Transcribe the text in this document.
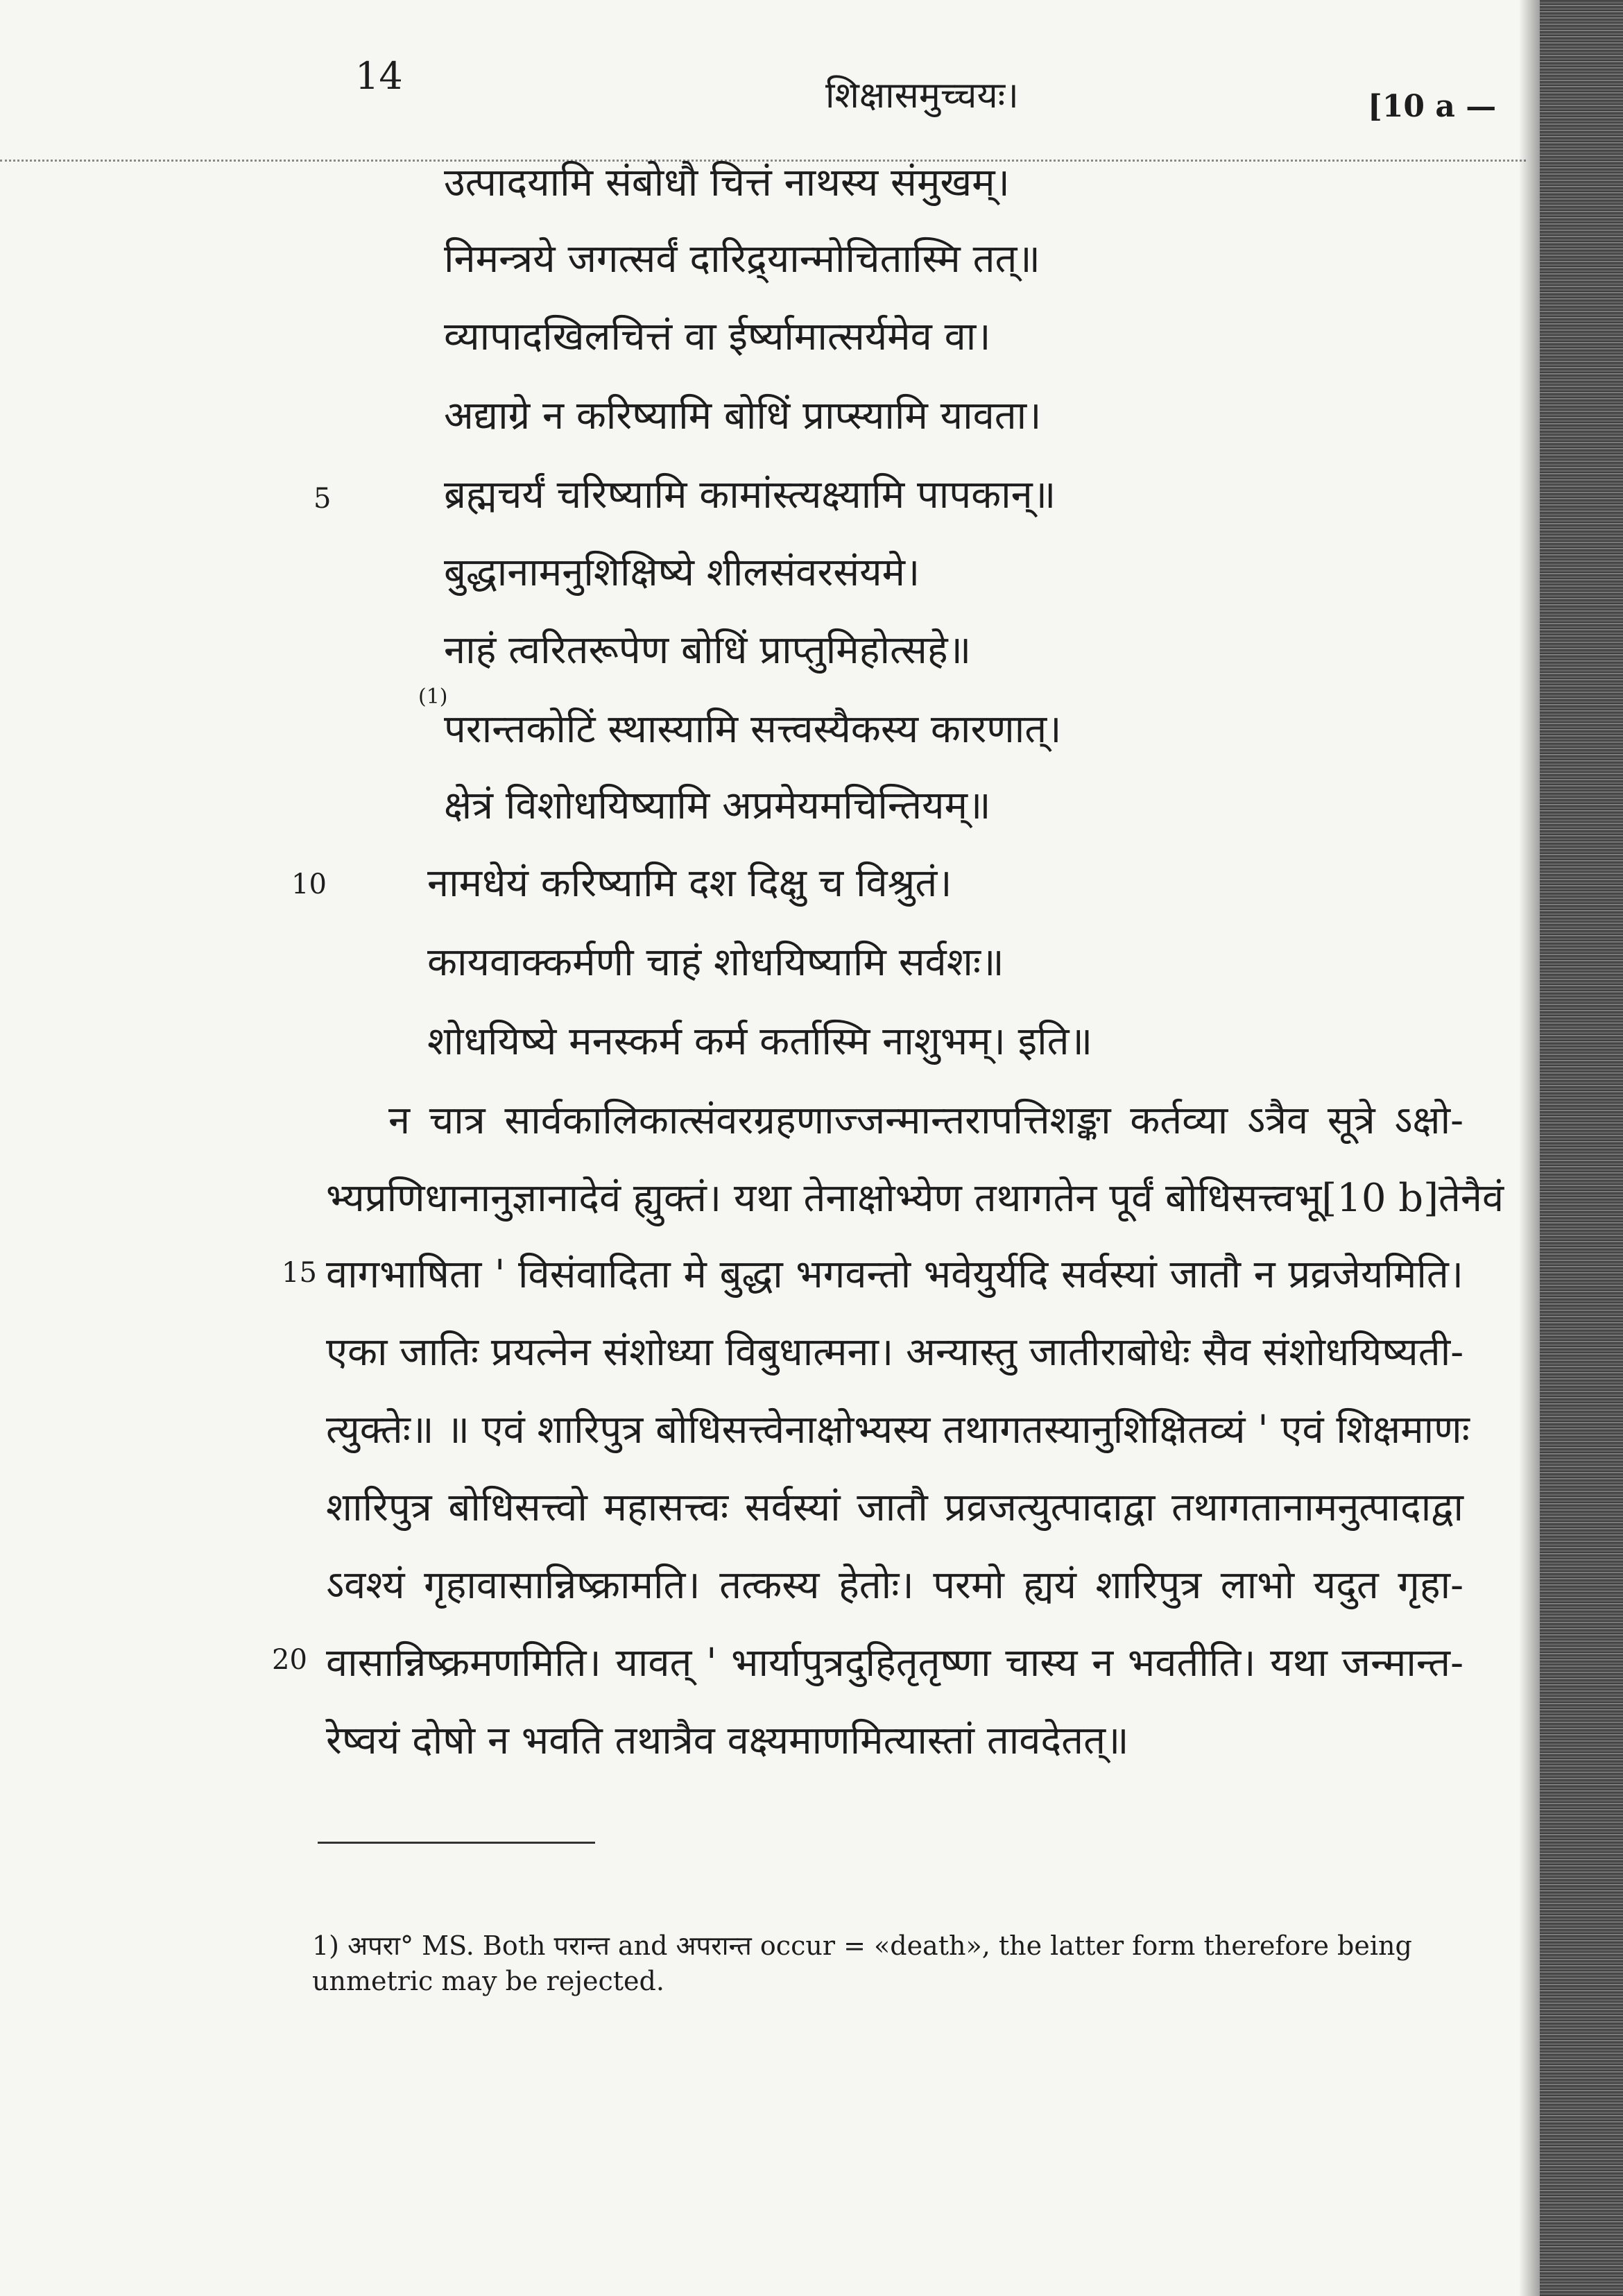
14	शिक्षासमुच्चयः।	[10 a —
उत्पादयामि संबोधौ चित्तं नाथस्य संमुखम्।
निमन्त्रये जगत्सर्वं दारिद्र्यान्मोचितास्मि तत्॥
व्यापादखिलचित्तं वा ईर्ष्यामात्सर्यमेव वा।
अद्याग्रे न करिष्यामि बोधिं प्राप्स्यामि यावता।
ब्रह्मचर्यं चरिष्यामि कामांस्त्यक्ष्यामि पापकान्॥
बुद्धानामनुशिक्षिष्ये शीलसंवरसंयमे।
नाहं त्वरितरूपेण बोधिं प्राप्तुमिहोत्सहे॥
परान्तकोटिं स्थास्यामि सत्त्वस्यैकस्य कारणात्।
क्षेत्रं विशोधयिष्यामि अप्रमेयमचिन्तियम्॥
नामधेयं करिष्यामि दश दिक्षु च विश्रुतं।
कायवाक्कर्मणी चाहं शोधयिष्यामि सर्वशः॥
शोधयिष्ये मनस्कर्म कर्म कर्तास्मि नाशुभम्। इति॥
(1)
न चात्र सार्वकालिकात्संवरग्रहणाज्जन्मान्तरापत्तिशङ्का कर्तव्या ऽत्रैव सूत्रे ऽक्षो-
भ्यप्रणिधानानुज्ञानादेवं ह्युक्तं। यथा तेनाक्षोभ्येण तथागतेन पूर्वं बोधिसत्त्वभू[10 b]तेनैवं
वागभाषिता ' विसंवादिता मे बुद्धा भगवन्तो भवेयुर्यदि सर्वस्यां जातौ न प्रव्रजेयमिति।
एका जातिः प्रयत्नेन संशोध्या विबुधात्मना। अन्यास्तु जातीराबोधेः सैव संशोधयिष्यती-
त्युक्तेः॥ ॥ एवं शारिपुत्र बोधिसत्त्वेनाक्षोभ्यस्य तथागतस्यानुशिक्षितव्यं ' एवं शिक्षमाणः
शारिपुत्र बोधिसत्त्वो महासत्त्वः सर्वस्यां जातौ प्रव्रजत्युत्पादाद्वा तथागतानामनुत्पादाद्वा
ऽवश्यं गृहावासान्निष्क्रामति। तत्कस्य हेतोः। परमो ह्ययं शारिपुत्र लाभो यदुत गृहा-
वासान्निष्क्रमणमिति। यावत् ' भार्यापुत्रदुहितृतृष्णा चास्य न भवतीति। यथा जन्मान्त-
रेष्वयं दोषो न भवति तथात्रैव वक्ष्यमाणमित्यास्तां तावदेतत्॥
5
10
15
20
1) अपरा° MS. Both परान्त and अपरान्त occur = «death», the latter form therefore being unmetric may be rejected.
